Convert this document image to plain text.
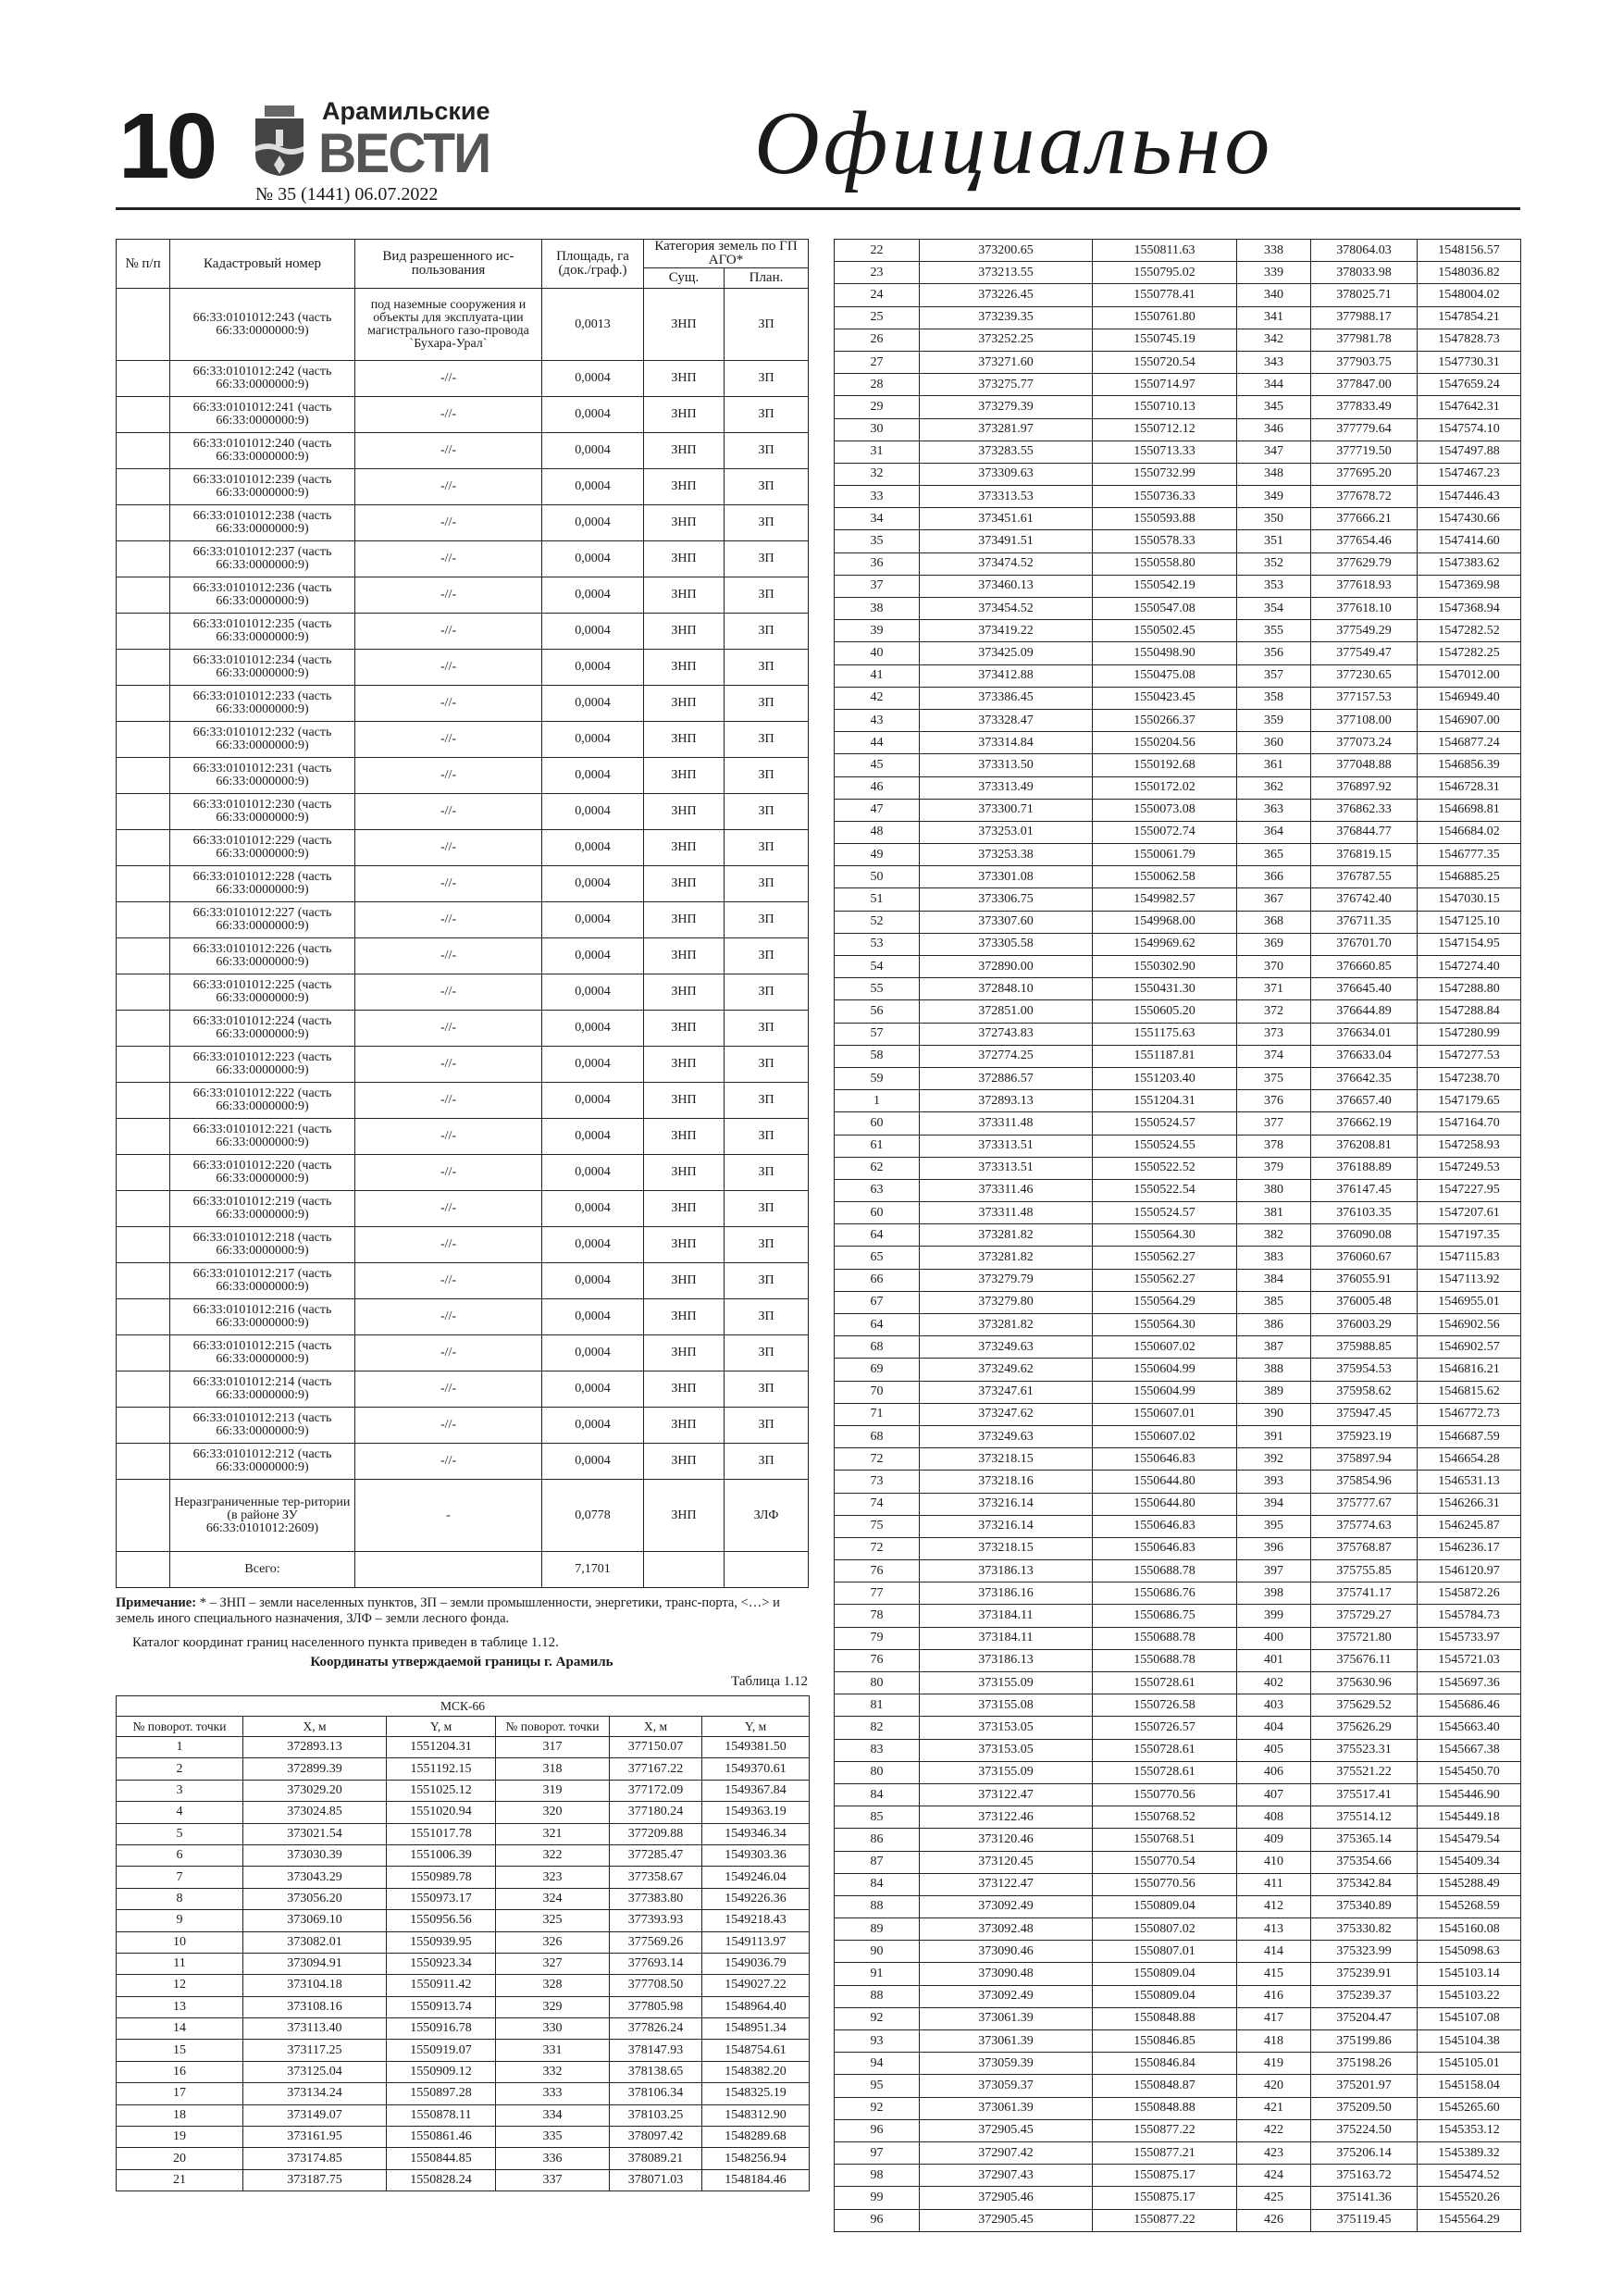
10	Арамильские
ВЕСТИ
№ 35 (1441) 06.07.2022
Официально
№ п/п	Кадастровый номер	Вид разрешенного ис-пользования	Площадь, га (док./граф.)	Категория земель по ГП АГО*	
				Сущ.	План.
	66:33:0101012:243 (часть 66:33:0000000:9)	под наземные сооружения и объекты для эксплуата-ции магистрального газо-провода `Бухара-Урал`	0,0013	ЗНП	ЗП
	66:33:0101012:242 (часть 66:33:0000000:9)	-//-	0,0004	ЗНП	ЗП
	66:33:0101012:241 (часть 66:33:0000000:9)	-//-	0,0004	ЗНП	ЗП
	66:33:0101012:240 (часть 66:33:0000000:9)	-//-	0,0004	ЗНП	ЗП
	66:33:0101012:239 (часть 66:33:0000000:9)	-//-	0,0004	ЗНП	ЗП
	66:33:0101012:238 (часть 66:33:0000000:9)	-//-	0,0004	ЗНП	ЗП
	66:33:0101012:237 (часть 66:33:0000000:9)	-//-	0,0004	ЗНП	ЗП
	66:33:0101012:236 (часть 66:33:0000000:9)	-//-	0,0004	ЗНП	ЗП
	66:33:0101012:235 (часть 66:33:0000000:9)	-//-	0,0004	ЗНП	ЗП
	66:33:0101012:234 (часть 66:33:0000000:9)	-//-	0,0004	ЗНП	ЗП
	66:33:0101012:233 (часть 66:33:0000000:9)	-//-	0,0004	ЗНП	ЗП
	66:33:0101012:232 (часть 66:33:0000000:9)	-//-	0,0004	ЗНП	ЗП
	66:33:0101012:231 (часть 66:33:0000000:9)	-//-	0,0004	ЗНП	ЗП
	66:33:0101012:230 (часть 66:33:0000000:9)	-//-	0,0004	ЗНП	ЗП
	66:33:0101012:229 (часть 66:33:0000000:9)	-//-	0,0004	ЗНП	ЗП
	66:33:0101012:228 (часть 66:33:0000000:9)	-//-	0,0004	ЗНП	ЗП
	66:33:0101012:227 (часть 66:33:0000000:9)	-//-	0,0004	ЗНП	ЗП
	66:33:0101012:226 (часть 66:33:0000000:9)	-//-	0,0004	ЗНП	ЗП
	66:33:0101012:225 (часть 66:33:0000000:9)	-//-	0,0004	ЗНП	ЗП
	66:33:0101012:224 (часть 66:33:0000000:9)	-//-	0,0004	ЗНП	ЗП
	66:33:0101012:223 (часть 66:33:0000000:9)	-//-	0,0004	ЗНП	ЗП
	66:33:0101012:222 (часть 66:33:0000000:9)	-//-	0,0004	ЗНП	ЗП
	66:33:0101012:221 (часть 66:33:0000000:9)	-//-	0,0004	ЗНП	ЗП
	66:33:0101012:220 (часть 66:33:0000000:9)	-//-	0,0004	ЗНП	ЗП
	66:33:0101012:219 (часть 66:33:0000000:9)	-//-	0,0004	ЗНП	ЗП
	66:33:0101012:218 (часть 66:33:0000000:9)	-//-	0,0004	ЗНП	ЗП
	66:33:0101012:217 (часть 66:33:0000000:9)	-//-	0,0004	ЗНП	ЗП
	66:33:0101012:216 (часть 66:33:0000000:9)	-//-	0,0004	ЗНП	ЗП
	66:33:0101012:215 (часть 66:33:0000000:9)	-//-	0,0004	ЗНП	ЗП
	66:33:0101012:214 (часть 66:33:0000000:9)	-//-	0,0004	ЗНП	ЗП
	66:33:0101012:213 (часть 66:33:0000000:9)	-//-	0,0004	ЗНП	ЗП
	66:33:0101012:212 (часть 66:33:0000000:9)	-//-	0,0004	ЗНП	ЗП
	Неразграниченные тер-ритории (в районе ЗУ 66:33:0101012:2609)	-	0,0778	ЗНП	ЗЛФ
	Всего:		7,1701		
Примечание: * – ЗНП – земли населенных пунктов, ЗП – земли промышленности, энергетики, транс-порта, <…> и земель иного специального назначения, ЗЛФ – земли лесного фонда.
Каталог координат границ населенного пункта приведен в таблице 1.12.
Координаты утверждаемой границы г. Арамиль
Таблица 1.12
МСК-66					
№ поворот. точки	X, м	Y, м	№ поворот. точки	X, м	Y, м
1	372893.13	1551204.31	317	377150.07	1549381.50
2	372899.39	1551192.15	318	377167.22	1549370.61
3	373029.20	1551025.12	319	377172.09	1549367.84
4	373024.85	1551020.94	320	377180.24	1549363.19
5	373021.54	1551017.78	321	377209.88	1549346.34
6	373030.39	1551006.39	322	377285.47	1549303.36
7	373043.29	1550989.78	323	377358.67	1549246.04
8	373056.20	1550973.17	324	377383.80	1549226.36
9	373069.10	1550956.56	325	377393.93	1549218.43
10	373082.01	1550939.95	326	377569.26	1549113.97
11	373094.91	1550923.34	327	377693.14	1549036.79
12	373104.18	1550911.42	328	377708.50	1549027.22
13	373108.16	1550913.74	329	377805.98	1548964.40
14	373113.40	1550916.78	330	377826.24	1548951.34
15	373117.25	1550919.07	331	378147.93	1548754.61
16	373125.04	1550909.12	332	378138.65	1548382.20
17	373134.24	1550897.28	333	378106.34	1548325.19
18	373149.07	1550878.11	334	378103.25	1548312.90
19	373161.95	1550861.46	335	378097.42	1548289.68
20	373174.85	1550844.85	336	378089.21	1548256.94
21	373187.75	1550828.24	337	378071.03	1548184.46
22	373200.65	1550811.63	338	378064.03	1548156.57
23	373213.55	1550795.02	339	378033.98	1548036.82
24	373226.45	1550778.41	340	378025.71	1548004.02
25	373239.35	1550761.80	341	377988.17	1547854.21
26	373252.25	1550745.19	342	377981.78	1547828.73
27	373271.60	1550720.54	343	377903.75	1547730.31
28	373275.77	1550714.97	344	377847.00	1547659.24
29	373279.39	1550710.13	345	377833.49	1547642.31
30	373281.97	1550712.12	346	377779.64	1547574.10
31	373283.55	1550713.33	347	377719.50	1547497.88
32	373309.63	1550732.99	348	377695.20	1547467.23
33	373313.53	1550736.33	349	377678.72	1547446.43
34	373451.61	1550593.88	350	377666.21	1547430.66
35	373491.51	1550578.33	351	377654.46	1547414.60
36	373474.52	1550558.80	352	377629.79	1547383.62
37	373460.13	1550542.19	353	377618.93	1547369.98
38	373454.52	1550547.08	354	377618.10	1547368.94
39	373419.22	1550502.45	355	377549.29	1547282.52
40	373425.09	1550498.90	356	377549.47	1547282.25
41	373412.88	1550475.08	357	377230.65	1547012.00
42	373386.45	1550423.45	358	377157.53	1546949.40
43	373328.47	1550266.37	359	377108.00	1546907.00
44	373314.84	1550204.56	360	377073.24	1546877.24
45	373313.50	1550192.68	361	377048.88	1546856.39
46	373313.49	1550172.02	362	376897.92	1546728.31
47	373300.71	1550073.08	363	376862.33	1546698.81
48	373253.01	1550072.74	364	376844.77	1546684.02
49	373253.38	1550061.79	365	376819.15	1546777.35
50	373301.08	1550062.58	366	376787.55	1546885.25
51	373306.75	1549982.57	367	376742.40	1547030.15
52	373307.60	1549968.00	368	376711.35	1547125.10
53	373305.58	1549969.62	369	376701.70	1547154.95
54	372890.00	1550302.90	370	376660.85	1547274.40
55	372848.10	1550431.30	371	376645.40	1547288.80
56	372851.00	1550605.20	372	376644.89	1547288.84
57	372743.83	1551175.63	373	376634.01	1547280.99
58	372774.25	1551187.81	374	376633.04	1547277.53
59	372886.57	1551203.40	375	376642.35	1547238.70
1	372893.13	1551204.31	376	376657.40	1547179.65
60	373311.48	1550524.57	377	376662.19	1547164.70
61	373313.51	1550524.55	378	376208.81	1547258.93
62	373313.51	1550522.52	379	376188.89	1547249.53
63	373311.46	1550522.54	380	376147.45	1547227.95
60	373311.48	1550524.57	381	376103.35	1547207.61
64	373281.82	1550564.30	382	376090.08	1547197.35
65	373281.82	1550562.27	383	376060.67	1547115.83
66	373279.79	1550562.27	384	376055.91	1547113.92
67	373279.80	1550564.29	385	376005.48	1546955.01
64	373281.82	1550564.30	386	376003.29	1546902.56
68	373249.63	1550607.02	387	375988.85	1546902.57
69	373249.62	1550604.99	388	375954.53	1546816.21
70	373247.61	1550604.99	389	375958.62	1546815.62
71	373247.62	1550607.01	390	375947.45	1546772.73
68	373249.63	1550607.02	391	375923.19	1546687.59
72	373218.15	1550646.83	392	375897.94	1546654.28
73	373218.16	1550644.80	393	375854.96	1546531.13
74	373216.14	1550644.80	394	375777.67	1546266.31
75	373216.14	1550646.83	395	375774.63	1546245.87
72	373218.15	1550646.83	396	375768.87	1546236.17
76	373186.13	1550688.78	397	375755.85	1546120.97
77	373186.16	1550686.76	398	375741.17	1545872.26
78	373184.11	1550686.75	399	375729.27	1545784.73
79	373184.11	1550688.78	400	375721.80	1545733.97
76	373186.13	1550688.78	401	375676.11	1545721.03
80	373155.09	1550728.61	402	375630.96	1545697.36
81	373155.08	1550726.58	403	375629.52	1545686.46
82	373153.05	1550726.57	404	375626.29	1545663.40
83	373153.05	1550728.61	405	375523.31	1545667.38
80	373155.09	1550728.61	406	375521.22	1545450.70
84	373122.47	1550770.56	407	375517.41	1545446.90
85	373122.46	1550768.52	408	375514.12	1545449.18
86	373120.46	1550768.51	409	375365.14	1545479.54
87	373120.45	1550770.54	410	375354.66	1545409.34
84	373122.47	1550770.56	411	375342.84	1545288.49
88	373092.49	1550809.04	412	375340.89	1545268.59
89	373092.48	1550807.02	413	375330.82	1545160.08
90	373090.46	1550807.01	414	375323.99	1545098.63
91	373090.48	1550809.04	415	375239.91	1545103.14
88	373092.49	1550809.04	416	375239.37	1545103.22
92	373061.39	1550848.88	417	375204.47	1545107.08
93	373061.39	1550846.85	418	375199.86	1545104.38
94	373059.39	1550846.84	419	375198.26	1545105.01
95	373059.37	1550848.87	420	375201.97	1545158.04
92	373061.39	1550848.88	421	375209.50	1545265.60
96	372905.45	1550877.22	422	375224.50	1545353.12
97	372907.42	1550877.21	423	375206.14	1545389.32
98	372907.43	1550875.17	424	375163.72	1545474.52
99	372905.46	1550875.17	425	375141.36	1545520.26
96	372905.45	1550877.22	426	375119.45	1545564.29
